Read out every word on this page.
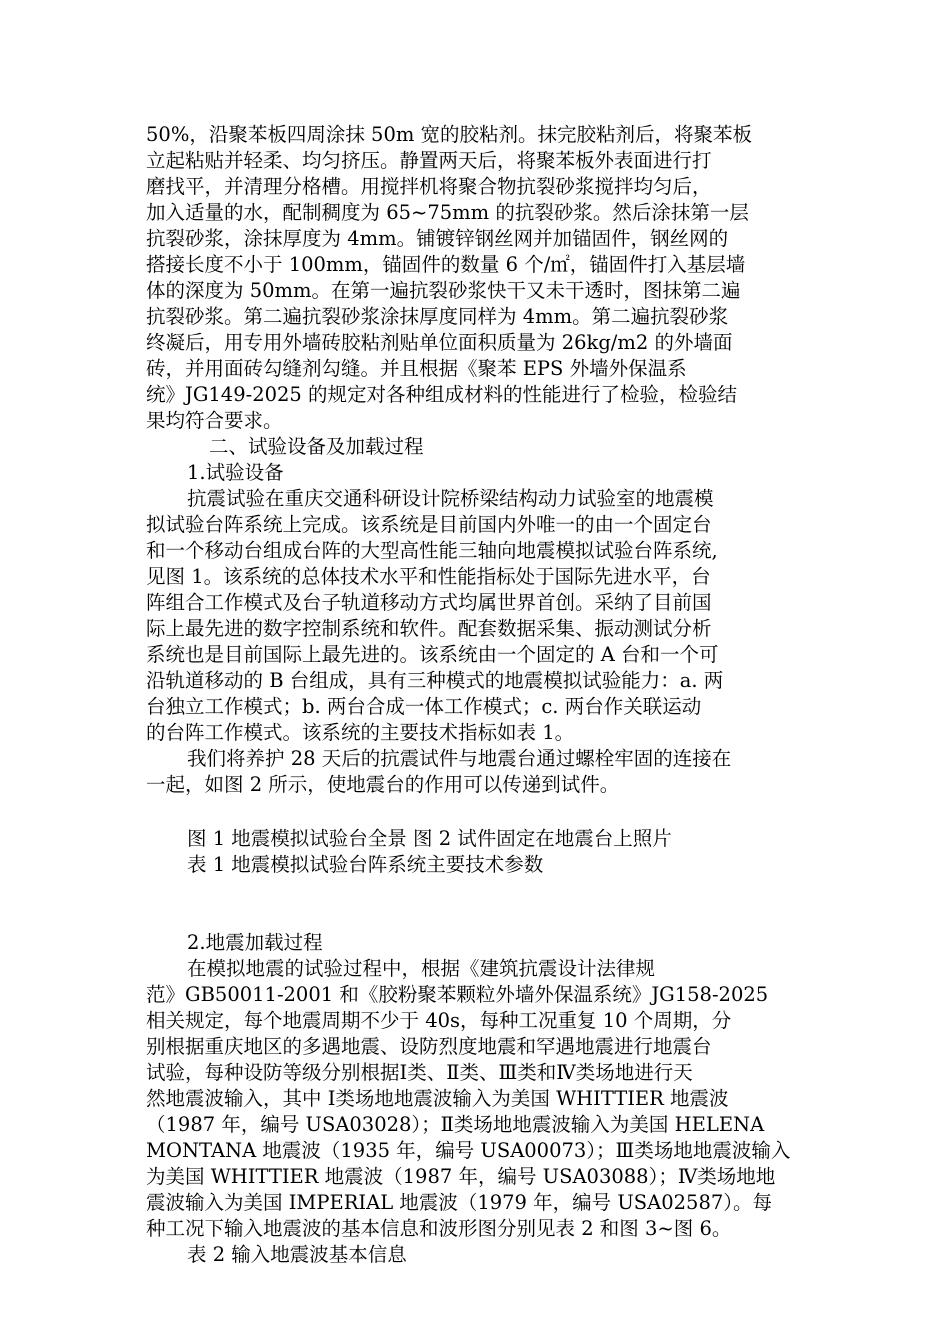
50%，沿聚苯板四周涂抹 50m 宽的胶粘剂。抹完胶粘剂后，将聚苯板
立起粘贴并轻柔、均匀挤压。静置两天后，将聚苯板外表面进行打
磨找平，并清理分格槽。用搅拌机将聚合物抗裂砂浆搅拌均匀后，
加入适量的水，配制稠度为 65~75mm 的抗裂砂浆。然后涂抹第一层
抗裂砂浆，涂抹厚度为 4mm。铺镀锌钢丝网并加锚固件，钢丝网的
搭接长度不小于 100mm，锚固件的数量 6 个/㎡，锚固件打入基层墙
体的深度为 50mm。在第一遍抗裂砂浆快干又未干透时，图抹第二遍
抗裂砂浆。第二遍抗裂砂浆涂抹厚度同样为 4mm。第二遍抗裂砂浆
终凝后，用专用外墙砖胶粘剂贴单位面积质量为 26kg/m2 的外墙面
砖，并用面砖勾缝剂勾缝。并且根据《聚苯 EPS 外墙外保温系
统》JG149-2025 的规定对各种组成材料的性能进行了检验，检验结
果均符合要求。
二、试验设备及加载过程
1.试验设备
抗震试验在重庆交通科研设计院桥梁结构动力试验室的地震模
拟试验台阵系统上完成。该系统是目前国内外唯一的由一个固定台
和一个移动台组成台阵的大型高性能三轴向地震模拟试验台阵系统,
见图 1。该系统的总体技术水平和性能指标处于国际先进水平，台
阵组合工作模式及台子轨道移动方式均属世界首创。采纳了目前国
际上最先进的数字控制系统和软件。配套数据采集、振动测试分析
系统也是目前国际上最先进的。该系统由一个固定的 A 台和一个可
沿轨道移动的 B 台组成，具有三种模式的地震模拟试验能力：a. 两
台独立工作模式；b. 两台合成一体工作模式；c. 两台作关联运动
的台阵工作模式。该系统的主要技术指标如表 1。
我们将养护 28 天后的抗震试件与地震台通过螺栓牢固的连接在
一起，如图 2 所示，使地震台的作用可以传递到试件。
图 1 地震模拟试验台全景 图 2 试件固定在地震台上照片
表 1 地震模拟试验台阵系统主要技术参数
2.地震加载过程
在模拟地震的试验过程中，根据《建筑抗震设计法律规
范》GB50011-2001 和《胶粉聚苯颗粒外墙外保温系统》JG158-2025
相关规定，每个地震周期不少于 40s，每种工况重复 10 个周期，分
别根据重庆地区的多遇地震、设防烈度地震和罕遇地震进行地震台
试验，每种设防等级分别根据Ⅰ类、Ⅱ类、Ⅲ类和Ⅳ类场地进行天
然地震波输入，其中 Ⅰ类场地地震波输入为美国 WHITTIER 地震波
（1987 年，编号 USA03028）；Ⅱ类场地地震波输入为美国 HELENA
MONTANA 地震波（1935 年，编号 USA00073）；Ⅲ类场地地震波输入
为美国 WHITTIER 地震波（1987 年，编号 USA03088）；Ⅳ类场地地
震波输入为美国 IMPERIAL 地震波（1979 年，编号 USA02587）。每
种工况下输入地震波的基本信息和波形图分别见表 2 和图 3~图 6。
表 2 输入地震波基本信息
